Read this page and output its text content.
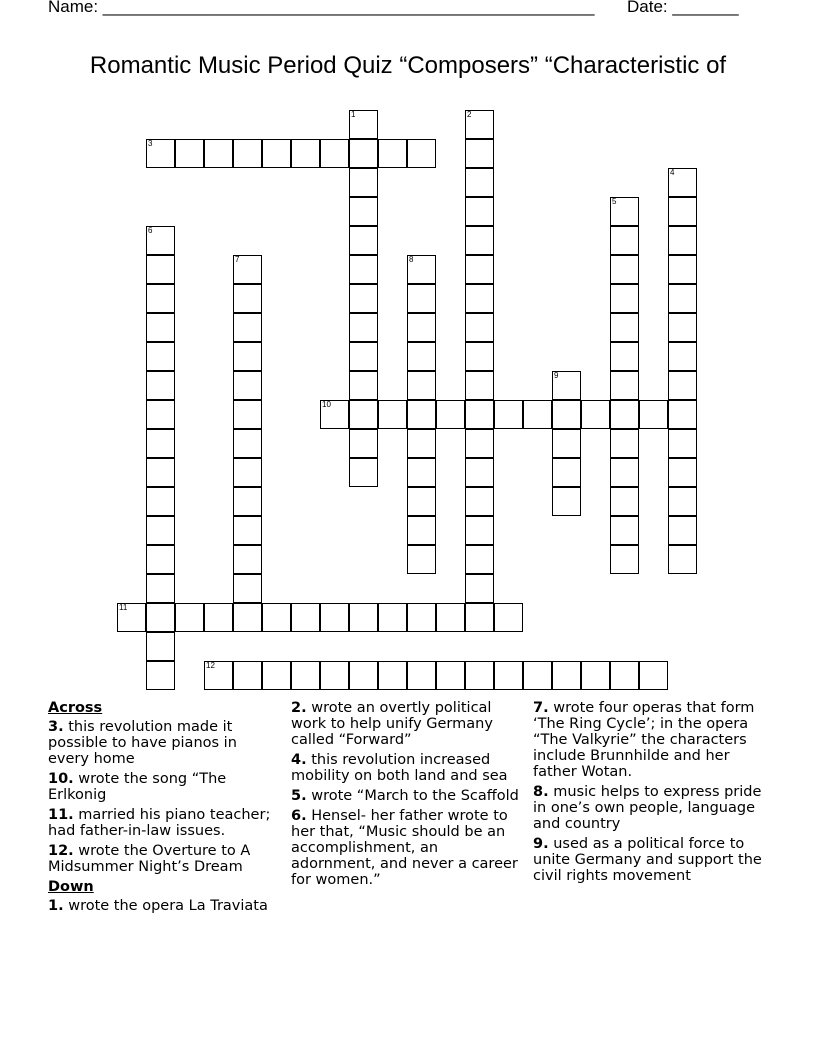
Name: ____________________________________________________ Date: _______
Romantic Music Period Quiz “Composers” “Characteristic of
1	2
3
4
5
6
7	8
9
10
11
12
Across
3. this revolution made it possible to have pianos in every home
10. wrote the song “The Erlkonig
11. married his piano teacher; had father-in-law issues.
12. wrote the Overture to A Midsummer Night’s Dream
Down
1. wrote the opera La Traviata
2. wrote an overtly political work to help unify Germany called “Forward”
4. this revolution increased mobility on both land and sea
5. wrote “March to the Scaffold
6. Hensel- her father wrote to her that, “Music should be an accomplishment, an adornment, and never a career for women.”
7. wrote four operas that form ‘The Ring Cycle’; in the opera “The Valkyrie” the characters include Brunnhilde and her father Wotan.
8. music helps to express pride in one’s own people, language and country
9. used as a political force to unite Germany and support the civil rights movement
